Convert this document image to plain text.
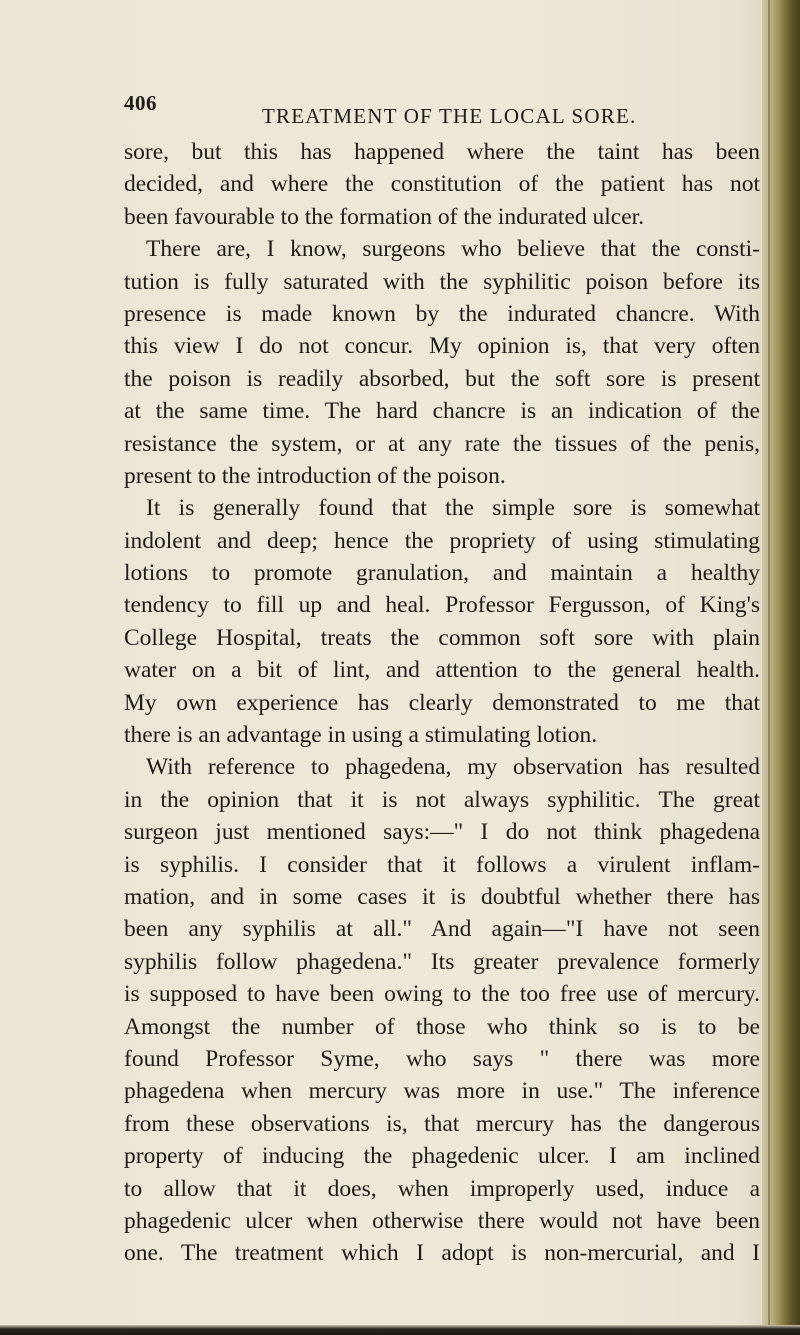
406
TREATMENT OF THE LOCAL SORE.
sore, but this has happened where the taint has been
decided, and where the constitution of the patient has not
been favourable to the formation of the indurated ulcer.
There are, I know, surgeons who believe that the consti-
tution is fully saturated with the syphilitic poison before its
presence is made known by the indurated chancre. With
this view I do not concur. My opinion is, that very often
the poison is readily absorbed, but the soft sore is present
at the same time. The hard chancre is an indication of the
resistance the system, or at any rate the tissues of the penis,
present to the introduction of the poison.
It is generally found that the simple sore is somewhat
indolent and deep; hence the propriety of using stimulating
lotions to promote granulation, and maintain a healthy
tendency to fill up and heal. Professor Fergusson, of King's
College Hospital, treats the common soft sore with plain
water on a bit of lint, and attention to the general health.
My own experience has clearly demonstrated to me that
there is an advantage in using a stimulating lotion.
With reference to phagedena, my observation has resulted
in the opinion that it is not always syphilitic. The great
surgeon just mentioned says:—" I do not think phagedena
is syphilis. I consider that it follows a virulent inflam-
mation, and in some cases it is doubtful whether there has
been any syphilis at all." And again—"I have not seen
syphilis follow phagedena." Its greater prevalence formerly
is supposed to have been owing to the too free use of mercury.
Amongst the number of those who think so is to be
found Professor Syme, who says " there was more
phagedena when mercury was more in use." The inference
from these observations is, that mercury has the dangerous
property of inducing the phagedenic ulcer. I am inclined
to allow that it does, when improperly used, induce a
phagedenic ulcer when otherwise there would not have been
one. The treatment which I adopt is non-mercurial, and I
